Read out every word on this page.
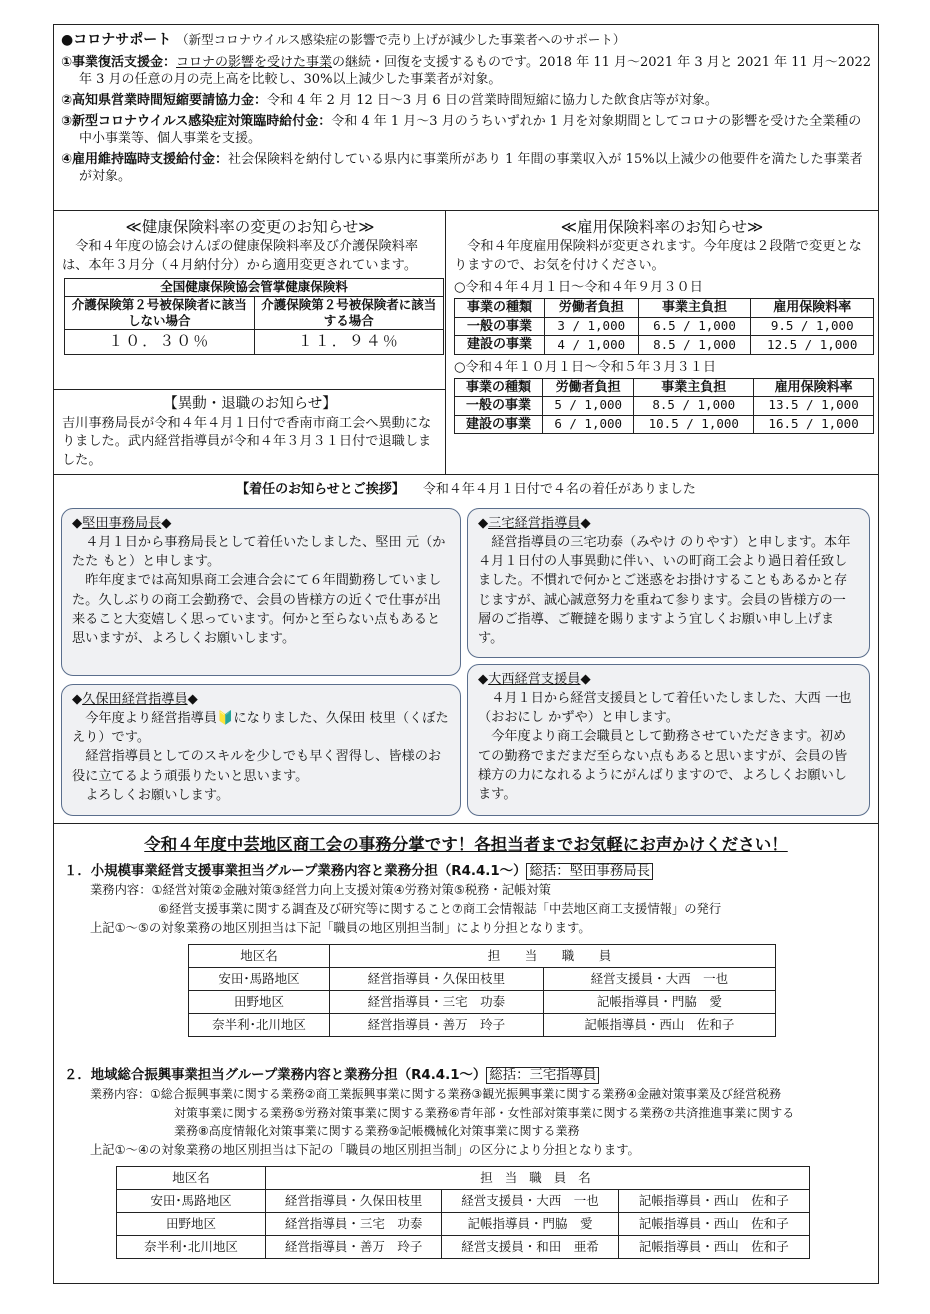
●コロナサポート （新型コロナウイルス感染症の影響で売り上げが減少した事業者へのサポート）
①事業復活支援金：コロナの影響を受けた事業の継続・回復を支援するものです。2018 年 11 月～2021 年 3 月と 2021 年 11 月～2022 年 3 月の任意の月の売上高を比較し、30%以上減少した事業者が対象。
②高知県営業時間短縮要請協力金：令和 4 年 2 月 12 日～3 月 6 日の営業時間短縮に協力した飲食店等が対象。
③新型コロナウイルス感染症対策臨時給付金：令和 4 年 1 月～3 月のうちいずれか 1 月を対象期間としてコロナの影響を受けた全業種の中小事業等、個人事業を支援。
④雇用維持臨時支援給付金：社会保険料を納付している県内に事業所があり 1 年間の事業収入が 15%以上減少の他要件を満たした事業者が対象。
≪健康保険料率の変更のお知らせ≫

令和４年度の協会けんぽの健康保険料率及び介護保険料率は、本年３月分（４月納付分）から適用変更されています。

全国健康保険協会管掌健康保険料	
介護保険第２号被保険者に該当しない場合	介護保険第２号被保険者に該当する場合
１０．３０％	１１．９４％
【異動・退職のお知らせ】

吉川事務局長が令和４年４月１日付で香南市商工会へ異動になりました。武内経営指導員が令和４年３月３１日付で退職しました。

≪雇用保険料率のお知らせ≫

令和４年度雇用保険料が変更されます。今年度は２段階で変更となりますので、お気を付けください。

○令和４年４月１日～令和４年９月３０日
事業の種類	労働者負担	事業主負担	雇用保険料率
一般の事業	3 / 1,000	6.5 / 1,000	9.5 / 1,000
建設の事業	4 / 1,000	8.5 / 1,000	12.5 / 1,000
○令和４年１０月１日～令和５年３月３１日
事業の種類	労働者負担	事業主負担	雇用保険料率
一般の事業	5 / 1,000	8.5 / 1,000	13.5 / 1,000
建設の事業	6 / 1,000	10.5 / 1,000	16.5 / 1,000
【着任のお知らせとご挨拶】 令和４年４月１日付で４名の着任がありました
◆堅田事務局長◆

４月１日から事務局長として着任いたしました、堅田 元（かたた もと）と申します。

昨年度までは高知県商工会連合会にて６年間勤務していました。久しぶりの商工会勤務で、会員の皆様方の近くで仕事が出来ること大変嬉しく思っています。何かと至らない点もあると思いますが、よろしくお願いします。

◆三宅経営指導員◆

経営指導員の三宅功泰（みやけ のりやす）と申します。本年４月１日付の人事異動に伴い、いの町商工会より過日着任致しました。不慣れで何かとご迷惑をお掛けすることもあるかと存じますが、誠心誠意努力を重ねて参ります。会員の皆様方の一層のご指導、ご鞭撻を賜りますよう宜しくお願い申し上げます。

◆久保田経営指導員◆

今年度より経営指導員🔰になりました、久保田 枝里（くぼた えり）です。

経営指導員としてのスキルを少しでも早く習得し、皆様のお役に立てるよう頑張りたいと思います。

よろしくお願いします。

◆大西経営支援員◆

４月１日から経営支援員として着任いたしました、大西 一也（おおにし かずや）と申します。

今年度より商工会職員として勤務させていただきます。初めての勤務でまだまだ至らない点もあると思いますが、会員の皆様方の力になれるようにがんばりますので、よろしくお願いします。

令和４年度中芸地区商工会の事務分掌です！各担当者までお気軽にお声かけください！
１．小規模事業経営支援事業担当グループ業務内容と業務分担（R4.4.1～） 総括：堅田事務局長
業務内容：①経営対策②金融対策③経営力向上支援対策④労務対策⑤税務・記帳対策
⑥経営支援事業に関する調査及び研究等に関すること⑦商工会情報誌「中芸地区商工支援情報」の発行
上記①～⑤の対象業務の地区別担当は下記「職員の地区別担当制」により分担となります。
地区名	担　当　職　員	
安田･馬路地区	経営指導員・久保田枝里	経営支援員・大西　一也
田野地区	経営指導員・三宅　功泰	記帳指導員・門脇　愛
奈半利･北川地区	経営指導員・善万　玲子	記帳指導員・西山　佐和子
２．地域総合振興事業担当グループ業務内容と業務分担（R4.4.1～） 総括：三宅指導員
業務内容：①総合振興事業に関する業務②商工業振興事業に関する業務③観光振興事業に関する業務④金融対策事業及び経営税務
対策事業に関する業務⑤労務対策事業に関する業務⑥青年部・女性部対策事業に関する業務⑦共済推進事業に関する
業務⑧高度情報化対策事業に関する業務⑨記帳機械化対策事業に関する業務
上記①～④の対象業務の地区別担当は下記の「職員の地区別担当制」の区分により分担となります。
地区名	担 当 職 員 名		
安田･馬路地区	経営指導員・久保田枝里	経営支援員・大西　一也	記帳指導員・西山　佐和子
田野地区	経営指導員・三宅　功泰	記帳指導員・門脇　愛	記帳指導員・西山　佐和子
奈半利･北川地区	経営指導員・善万　玲子	経営支援員・和田　亜希	記帳指導員・西山　佐和子
